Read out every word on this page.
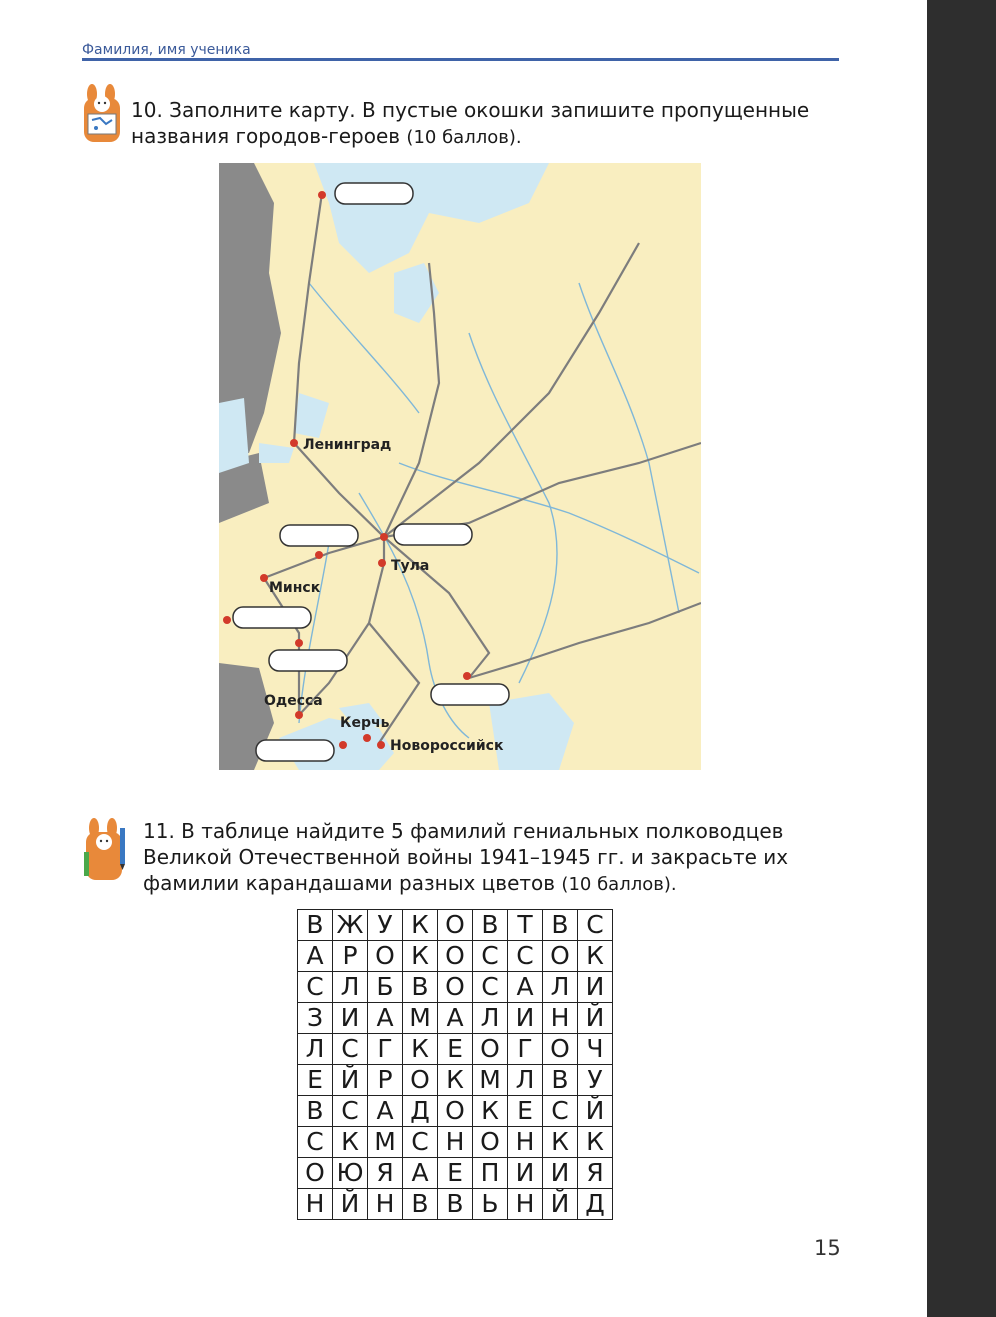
Фамилия, имя ученика
10. Заполните карту. В пустые окошки запишите пропущенные названия городов-героев (10 баллов).
Ленинград
Тула
Минск
Одесса
Керчь
Новороссийск
11. В таблице найдите 5 фамилий гениальных полководцев Великой Отечественной войны 1941–1945 гг. и закрасьте их фамилии карандашами разных цветов (10 баллов).
В	Ж	У	К	О	В	Т	В	С
А	Р	О	К	О	С	С	О	К
С	Л	Б	В	О	С	А	Л	И
З	И	А	М	А	Л	И	Н	Й
Л	С	Г	К	Е	О	Г	О	Ч
Е	Й	Р	О	К	М	Л	В	У
В	С	А	Д	О	К	Е	С	Й
С	К	М	С	Н	О	Н	К	К
О	Ю	Я	А	Е	П	И	И	Я
Н	Й	Н	В	В	Ь	Н	Й	Д
15
